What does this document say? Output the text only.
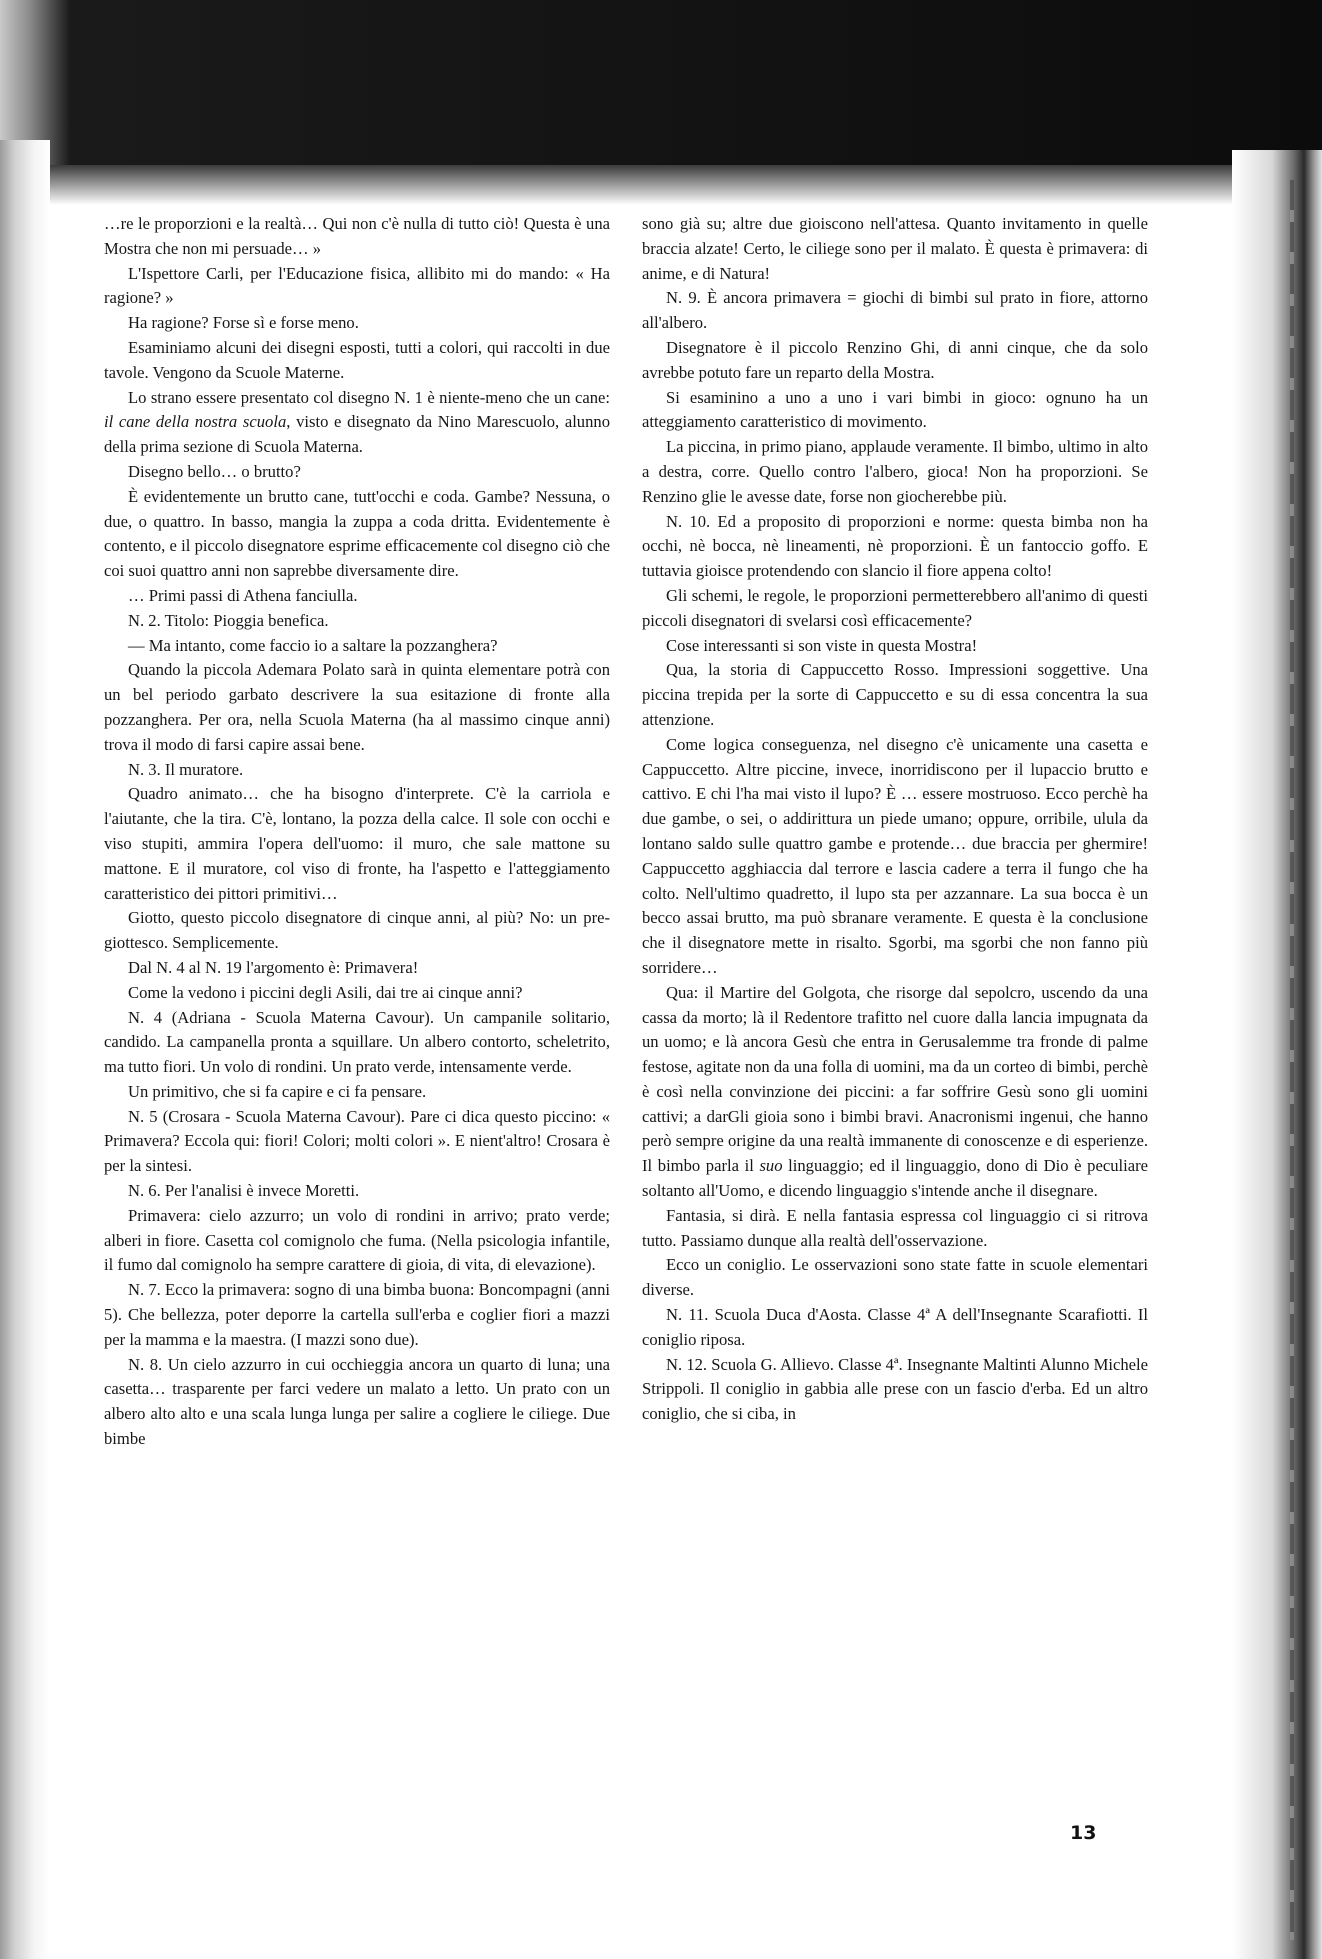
…re le proporzioni e la realtà… Qui non c'è nulla di tutto ciò! Questa è una Mostra che non mi persuade… »

L'Ispettore Carli, per l'Educazione fisica, allibito mi do mando: « Ha ragione? »

Ha ragione? Forse sì e forse meno.

Esaminiamo alcuni dei disegni esposti, tutti a colori, qui raccolti in due tavole. Vengono da Scuole Materne.

Lo strano essere presentato col disegno N. 1 è niente-meno che un cane: il cane della nostra scuola, visto e disegnato da Nino Marescuolo, alunno della prima sezione di Scuola Materna.

Disegno bello… o brutto?

È evidentemente un brutto cane, tutt'occhi e coda. Gambe? Nessuna, o due, o quattro. In basso, mangia la zuppa a coda dritta. Evidentemente è contento, e il piccolo disegnatore esprime efficacemente col disegno ciò che coi suoi quattro anni non saprebbe diversamente dire.

… Primi passi di Athena fanciulla.

N. 2. Titolo: Pioggia benefica.

— Ma intanto, come faccio io a saltare la pozzanghera?

Quando la piccola Ademara Polato sarà in quinta elementare potrà con un bel periodo garbato descrivere la sua esitazione di fronte alla pozzanghera. Per ora, nella Scuola Materna (ha al massimo cinque anni) trova il modo di farsi capire assai bene.

N. 3. Il muratore.

Quadro animato… che ha bisogno d'interprete. C'è la carriola e l'aiutante, che la tira. C'è, lontano, la pozza della calce. Il sole con occhi e viso stupiti, ammira l'opera dell'uomo: il muro, che sale mattone su mattone. E il muratore, col viso di fronte, ha l'aspetto e l'atteggiamento caratteristico dei pittori primitivi…

Giotto, questo piccolo disegnatore di cinque anni, al più? No: un pre-giottesco. Semplicemente.

Dal N. 4 al N. 19 l'argomento è: Primavera!

Come la vedono i piccini degli Asili, dai tre ai cinque anni?

N. 4 (Adriana - Scuola Materna Cavour). Un campanile solitario, candido. La campanella pronta a squillare. Un albero contorto, scheletrito, ma tutto fiori. Un volo di rondini. Un prato verde, intensamente verde.

Un primitivo, che si fa capire e ci fa pensare.

N. 5 (Crosara - Scuola Materna Cavour). Pare ci dica questo piccino: « Primavera? Eccola qui: fiori! Colori; molti colori ». E nient'altro! Crosara è per la sintesi.

N. 6. Per l'analisi è invece Moretti.

Primavera: cielo azzurro; un volo di rondini in arrivo; prato verde; alberi in fiore. Casetta col comignolo che fuma. (Nella psicologia infantile, il fumo dal comignolo ha sempre carattere di gioia, di vita, di elevazione).

N. 7. Ecco la primavera: sogno di una bimba buona: Boncompagni (anni 5). Che bellezza, poter deporre la cartella sull'erba e coglier fiori a mazzi per la mamma e la maestra. (I mazzi sono due).

N. 8. Un cielo azzurro in cui occhieggia ancora un quarto di luna; una casetta… trasparente per farci vedere un malato a letto. Un prato con un albero alto alto e una scala lunga lunga per salire a cogliere le ciliege. Due bimbe

sono già su; altre due gioiscono nell'attesa. Quanto invitamento in quelle braccia alzate! Certo, le ciliege sono per il malato. È questa è primavera: di anime, e di Natura!

N. 9. È ancora primavera = giochi di bimbi sul prato in fiore, attorno all'albero.

Disegnatore è il piccolo Renzino Ghi, di anni cinque, che da solo avrebbe potuto fare un reparto della Mostra.

Si esaminino a uno a uno i vari bimbi in gioco: ognuno ha un atteggiamento caratteristico di movimento.

La piccina, in primo piano, applaude veramente. Il bimbo, ultimo in alto a destra, corre. Quello contro l'albero, gioca! Non ha proporzioni. Se Renzino glie le avesse date, forse non giocherebbe più.

N. 10. Ed a proposito di proporzioni e norme: questa bimba non ha occhi, nè bocca, nè lineamenti, nè proporzioni. È un fantoccio goffo. E tuttavia gioisce protendendo con slancio il fiore appena colto!

Gli schemi, le regole, le proporzioni permetterebbero all'animo di questi piccoli disegnatori di svelarsi così efficacemente?

Cose interessanti si son viste in questa Mostra!

Qua, la storia di Cappuccetto Rosso. Impressioni soggettive. Una piccina trepida per la sorte di Cappuccetto e su di essa concentra la sua attenzione.

Come logica conseguenza, nel disegno c'è unicamente una casetta e Cappuccetto. Altre piccine, invece, inorridiscono per il lupaccio brutto e cattivo. E chi l'ha mai visto il lupo? È … essere mostruoso. Ecco perchè ha due gambe, o sei, o addirittura un piede umano; oppure, orribile, ulula da lontano saldo sulle quattro gambe e protende… due braccia per ghermire! Cappuccetto agghiaccia dal terrore e lascia cadere a terra il fungo che ha colto. Nell'ultimo quadretto, il lupo sta per azzannare. La sua bocca è un becco assai brutto, ma può sbranare veramente. E questa è la conclusione che il disegnatore mette in risalto. Sgorbi, ma sgorbi che non fanno più sorridere…

Qua: il Martire del Golgota, che risorge dal sepolcro, uscendo da una cassa da morto; là il Redentore trafitto nel cuore dalla lancia impugnata da un uomo; e là ancora Gesù che entra in Gerusalemme tra fronde di palme festose, agitate non da una folla di uomini, ma da un corteo di bimbi, perchè è così nella convinzione dei piccini: a far soffrire Gesù sono gli uomini cattivi; a darGli gioia sono i bimbi bravi. Anacronismi ingenui, che hanno però sempre origine da una realtà immanente di conoscenze e di esperienze. Il bimbo parla il suo linguaggio; ed il linguaggio, dono di Dio è peculiare soltanto all'Uomo, e dicendo linguaggio s'intende anche il disegnare.

Fantasia, si dirà. E nella fantasia espressa col linguaggio ci si ritrova tutto. Passiamo dunque alla realtà dell'osservazione.

Ecco un coniglio. Le osservazioni sono state fatte in scuole elementari diverse.

N. 11. Scuola Duca d'Aosta. Classe 4ª A dell'Insegnante Scarafiotti. Il coniglio riposa.

N. 12. Scuola G. Allievo. Classe 4ª. Insegnante Maltinti Alunno Michele Strippoli. Il coniglio in gabbia alle prese con un fascio d'erba. Ed un altro coniglio, che si ciba, in

13
